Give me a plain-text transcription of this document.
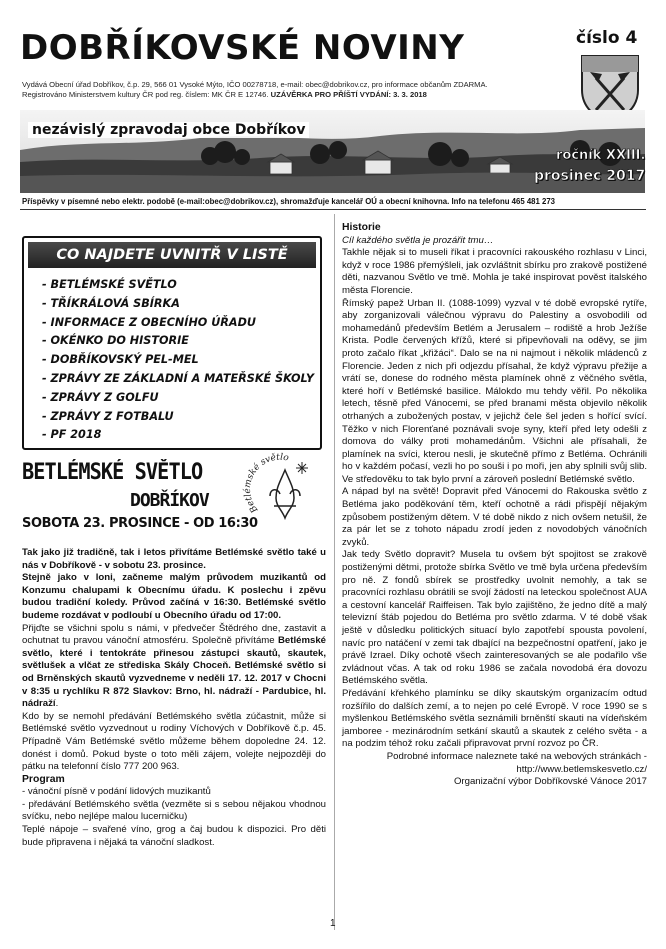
DOBŘÍKOVSKÉ NOVINY	číslo 4
Vydává Obecní úřad Dobříkov, č.p. 29, 566 01 Vysoké Mýto, IČO 00278718, e-mail: obec@dobrikov.cz, pro informace občanům ZDARMA.
Registrováno Ministerstvem kultury ČR pod reg. číslem: MK ČR E 12746. UZÁVĚRKA PRO PŘÍŠTÍ VYDÁNÍ: 3. 3. 2018
nezávislý zpravodaj obce Dobříkov
ročník XXIII.
prosinec 2017
Příspěvky v písemné nebo elektr. podobě (e-mail:obec@dobrikov.cz), shromažďuje kancelář OÚ a obecní knihovna. Info na telefonu 465 481 273
CO NAJDETE UVNITŘ V LISTĚ
- BETLÉMSKÉ SVĚTLO
- TŘÍKRÁLOVÁ SBÍRKA
- INFORMACE Z OBECNÍHO ÚŘADU
- OKÉNKO DO HISTORIE
- DOBŘÍKOVSKÝ PEL-MEL
- ZPRÁVY ZE ZÁKLADNÍ A MATEŘSKÉ ŠKOLY
- ZPRÁVY Z GOLFU
- ZPRÁVY Z FOTBALU
- PF 2018
BETLÉMSKÉ SVĚTLO
DOBŘÍKOV
SOBOTA 23. PROSINCE - OD 16:30
Betlémské světlo

Tak jako již tradičně, tak i letos přivítáme Betlémské světlo také u nás v Dobříkově - v sobotu 23. prosince.

Stejně jako v loni, začneme malým průvodem muzikantů od Konzumu chalupami k Obecnímu úřadu. K poslechu i zpěvu budou tradiční koledy. Průvod začíná v 16:30. Betlémské světlo budeme rozdávat v podloubí u Obecního úřadu od 17:00.

Přijďte se všichni spolu s námi, v předvečer Štědrého dne, zastavit a ochutnat tu pravou vánoční atmosféru. Společně přivítáme Betlémské světlo, které i tentokráte přinesou zástupci skautů, skautek, světlušek a vlčat ze střediska Skály Choceň. Betlémské světlo si od Brněnských skautů vyzvedneme v neděli 17. 12. 2017 v Chocni v 8:35 u rychlíku R 872 Slavkov: Brno, hl. nádraží - Pardubice, hl. nádraží.

Kdo by se nemohl předávání Betlémského světla zúčastnit, může si Betlémské světlo vyzvednout u rodiny Víchových v Dobříkově č.p. 45. Případně Vám Betlémské světlo můžeme během dopoledne 24. 12. donést i domů. Pokud byste o toto měli zájem, volejte nejpozději do pátku na telefonní číslo 777 200 963.

Program

- vánoční písně v podání lidových muzikantů

- předávání Betlémského světla (vezměte si s sebou nějakou vhodnou svíčku, nebo nejlépe malou lucerničku)

Teplé nápoje – svařené víno, grog a čaj budou k dispozici. Pro děti bude připravena i nějaká ta vánoční sladkost.

Historie

Cíl každého světla je prozářit tmu…

Takhle nějak si to museli říkat i pracovníci rakouského rozhlasu v Linci, když v roce 1986 přemýšleli, jak ozvláštnit sbírku pro zrakově postižené děti, nazvanou Světlo ve tmě. Mohla je také inspirovat pověst italského města Florencie.

Římský papež Urban II. (1088-1099) vyzval v té době evropské rytíře, aby zorganizovali válečnou výpravu do Palestiny a osvobodili od mohamedánů především Betlém a Jerusalem – rodiště a hrob Ježíše Krista. Podle červených křížů, které si připevňovali na oděvy, se jim proto začalo říkat „křižáci“. Dalo se na ni najmout i několik mládenců z Florencie. Jeden z nich při odjezdu přísahal, že když výpravu přežije a vrátí se, donese do rodného města plamínek ohně z věčného světla, které hoří v Betlémské basilice. Málokdo mu tehdy věřil. Po několika letech, těsně před Vánocemi, se před branami města objevilo několik otrhaných a zubožených postav, v jejichž čele šel jeden s hořící svící. Těžko v nich Florenťané poznávali svoje syny, kteří před lety odešli z domova do války proti mohamedánům. Všichni ale přísahali, že plamínek na svíci, kterou nesli, je skutečně přímo z Betléma. Ochránili ho v každém počasí, vezli ho po souši i po moři, jen aby splnili svůj slib. Ve středověku to tak bylo první a zároveň poslední Betlémské světlo.

A nápad byl na světě! Dopravit před Vánocemi do Rakouska světlo z Betléma jako poděkování těm, kteří ochotně a rádi přispějí nějakým způsobem postiženým dětem. V té době nikdo z nich ovšem netušil, že za pár let se z tohoto nápadu zrodí jeden z novodobých vánočních zvyků.

Jak tedy Světlo dopravit? Musela tu ovšem být spojitost se zrakově postiženými dětmi, protože sbírka Světlo ve tmě byla určena především pro ně. Z fondů sbírek se prostředky uvolnit nemohly, a tak se pracovníci rozhlasu obrátili se svojí žádostí na leteckou společnost AUA a cestovní kancelář Raiffeisen. Tak bylo zajištěno, že jedno dítě a malý televizní štáb pojedou do Betléma pro světlo zdarma. V té době však ještě v důsledku politických situací bylo zapotřebí spousta povolení, navíc pro natáčení v zemi tak dbající na bezpečnostní opatření, jako je právě Izrael. Díky ochotě všech zainteresovaných se ale podařilo vše zvládnout včas. A tak od roku 1986 se začala novodobá éra dovozu Betlémského světla.

Předávání křehkého plamínku se díky skautským organizacím odtud rozšířilo do dalších zemí, a to nejen po celé Evropě. V roce 1990 se s myšlenkou Betlémského světla seznámili brněnští skauti na vídeňském jamboree - mezinárodním setkání skautů a skautek z celého světa - a na podzim téhož roku začali připravovat první rozvoz po ČR.

Podrobné informace naleznete také na webových stránkách - http://www.betlemskesvetlo.cz/

Organizační výbor Dobříkovské Vánoce 2017

1
